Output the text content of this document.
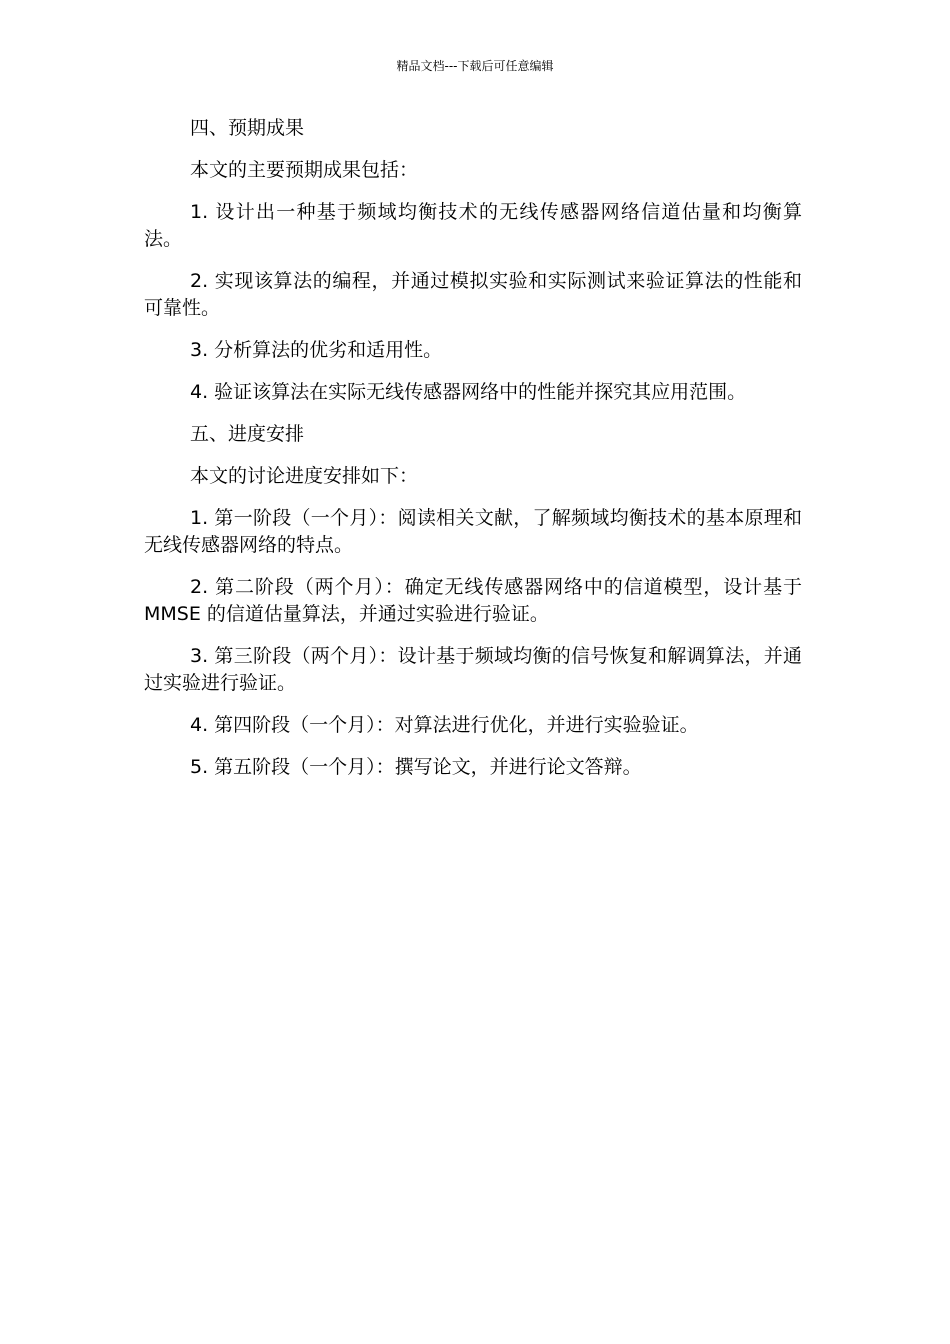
精品文档---下载后可任意编辑

四、预期成果

本文的主要预期成果包括：

1. 设计出一种基于频域均衡技术的无线传感器网络信道估量和均衡算法。

2. 实现该算法的编程，并通过模拟实验和实际测试来验证算法的性能和可靠性。

3. 分析算法的优劣和适用性。

4. 验证该算法在实际无线传感器网络中的性能并探究其应用范围。

五、进度安排

本文的讨论进度安排如下：

1. 第一阶段（一个月）：阅读相关文献，了解频域均衡技术的基本原理和无线传感器网络的特点。

2. 第二阶段（两个月）：确定无线传感器网络中的信道模型，设计基于 MMSE 的信道估量算法，并通过实验进行验证。

3. 第三阶段（两个月）：设计基于频域均衡的信号恢复和解调算法，并通过实验进行验证。

4. 第四阶段（一个月）：对算法进行优化，并进行实验验证。

5. 第五阶段（一个月）：撰写论文，并进行论文答辩。
